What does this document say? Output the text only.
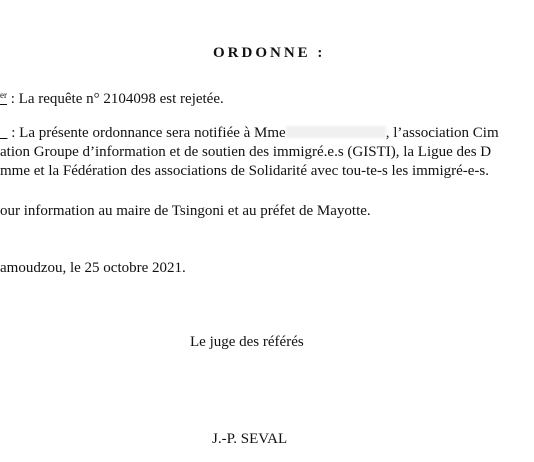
ORDONNE :
$^{er}$ : La requête n° 2104098 est rejetée.
: La présente ordonnance sera notifiée à Mme	, l’association Cim
ation Groupe d’information et de soutien des immigré.e.s (GISTI), la Ligue des D
mme et la Fédération des associations de Solidarité avec tou-te-s les immigré-e-s.
our information au maire de Tsingoni et au préfet de Mayotte.
amoudzou, le 25 octobre 2021.
Le juge des référés
J.-P. SEVAL
